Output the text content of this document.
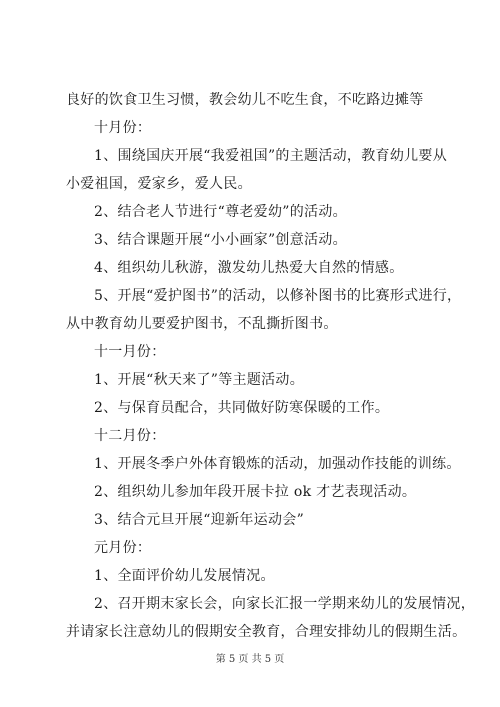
良好的饮食卫生习惯，教会幼儿不吃生食，不吃路边摊等
十月份：
1、围绕国庆开展“我爱祖国”的主题活动，教育幼儿要从
小爱祖国，爱家乡，爱人民。
2、结合老人节进行“尊老爱幼”的活动。
3、结合课题开展“小小画家”创意活动。
4、组织幼儿秋游，激发幼儿热爱大自然的情感。
5、开展“爱护图书”的活动，以修补图书的比赛形式进行，
从中教育幼儿要爱护图书，不乱撕折图书。
十一月份：
1、开展“秋天来了”等主题活动。
2、与保育员配合，共同做好防寒保暖的工作。
十二月份：
1、开展冬季户外体育锻炼的活动，加强动作技能的训练。
2、组织幼儿参加年段开展卡拉 ok 才艺表现活动。
3、结合元旦开展“迎新年运动会”
元月份：
1、全面评价幼儿发展情况。
2、召开期末家长会，向家长汇报一学期来幼儿的发展情况，
并请家长注意幼儿的假期安全教育，合理安排幼儿的假期生活。
第 5 页 共 5 页
